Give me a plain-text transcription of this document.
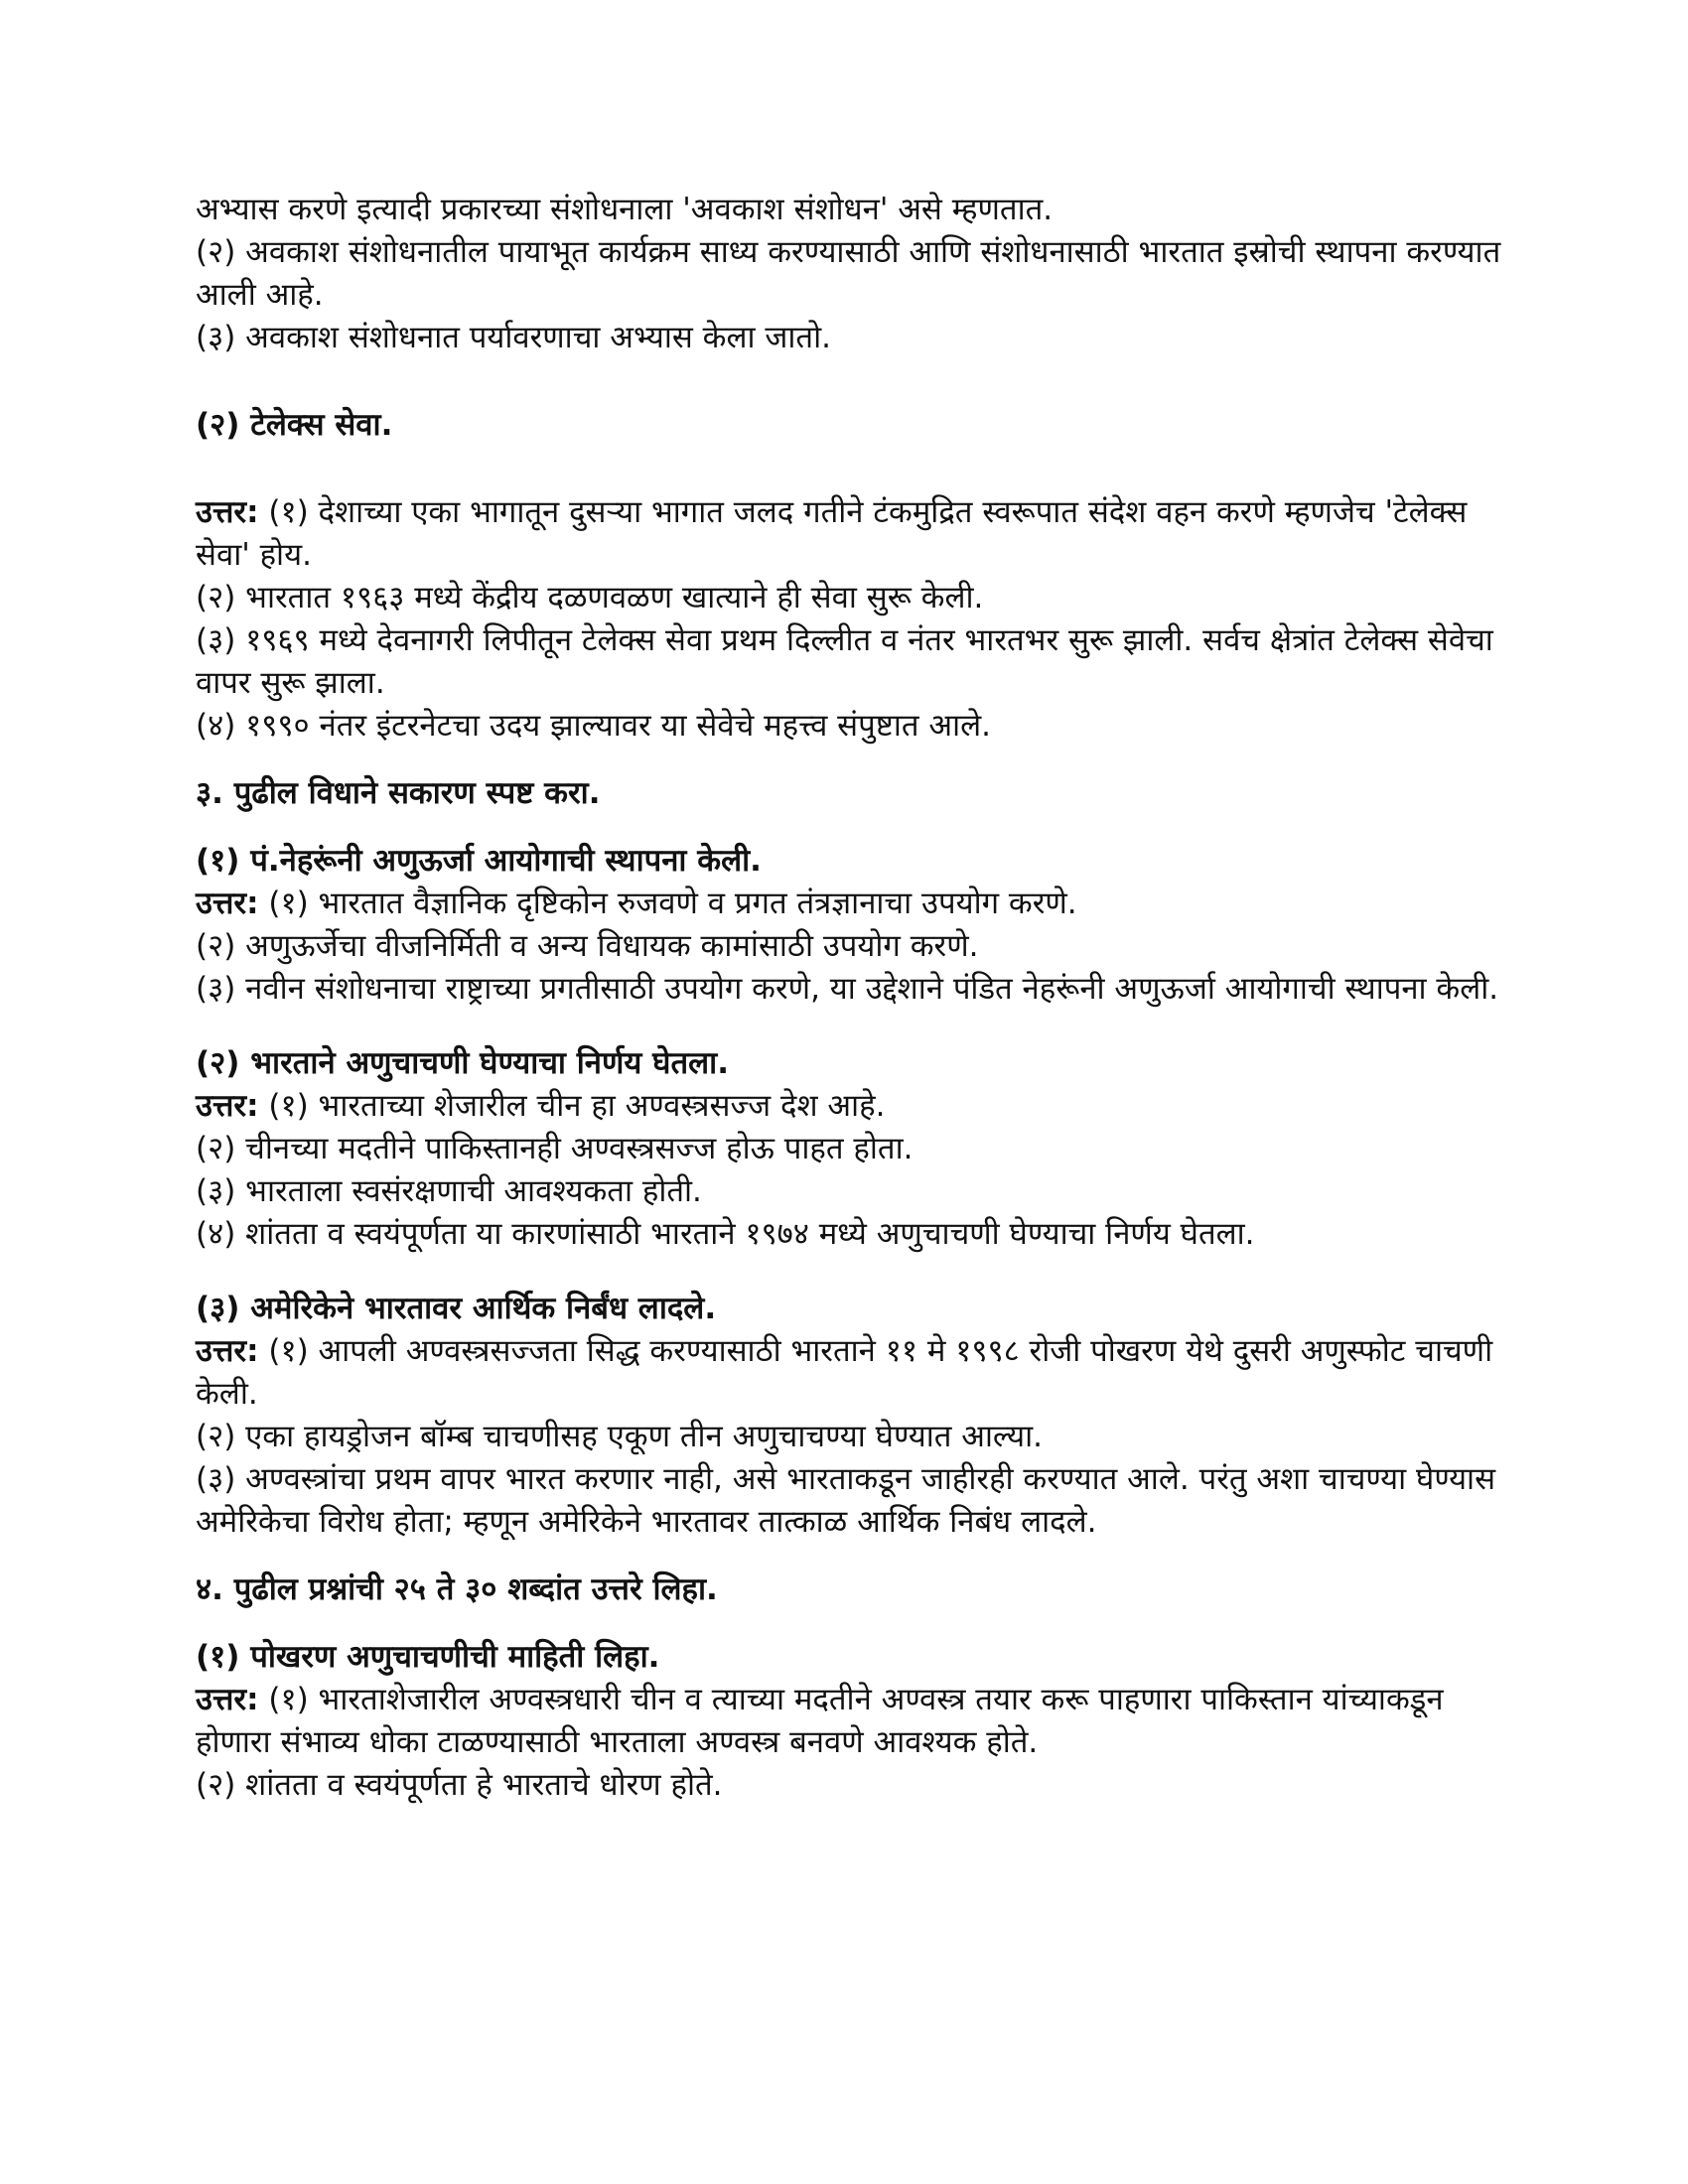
अभ्यास करणे इत्यादी प्रकारच्या संशोधनाला 'अवकाश संशोधन' असे म्हणतात.

(२) अवकाश संशोधनातील पायाभूत कार्यक्रम साध्य करण्यासाठी आणि संशोधनासाठी भारतात इस्रोची स्थापना करण्यात आली आहे.

(३) अवकाश संशोधनात पर्यावरणाचा अभ्यास केला जातो.

(२) टेलेक्स सेवा.

उत्तर: (१) देशाच्या एका भागातून दुसऱ्या भागात जलद गतीने टंकमुद्रित स्वरूपात संदेश वहन करणे म्हणजेच 'टेलेक्स सेवा' होय.

(२) भारतात १९६३ मध्ये केंद्रीय दळणवळण खात्याने ही सेवा सुरू केली.

(३) १९६९ मध्ये देवनागरी लिपीतून टेलेक्स सेवा प्रथम दिल्लीत व नंतर भारतभर सुरू झाली. सर्वच क्षेत्रांत टेलेक्स सेवेचा वापर सुरू झाला.

(४) १९९० नंतर इंटरनेटचा उदय झाल्यावर या सेवेचे महत्त्व संपुष्टात आले.

३. पुढील विधाने सकारण स्पष्ट करा.

(१) पं.नेहरूंनी अणुऊर्जा आयोगाची स्थापना केली.

उत्तर: (१) भारतात वैज्ञानिक दृष्टिकोन रुजवणे व प्रगत तंत्रज्ञानाचा उपयोग करणे.

(२) अणुऊर्जेचा वीजनिर्मिती व अन्य विधायक कामांसाठी उपयोग करणे.

(३) नवीन संशोधनाचा राष्ट्राच्या प्रगतीसाठी उपयोग करणे, या उद्देशाने पंडित नेहरूंनी अणुऊर्जा आयोगाची स्थापना केली.

(२) भारताने अणुचाचणी घेण्याचा निर्णय घेतला.

उत्तर: (१) भारताच्या शेजारील चीन हा अण्वस्त्रसज्ज देश आहे.

(२) चीनच्या मदतीने पाकिस्तानही अण्वस्त्रसज्ज होऊ पाहत होता.

(३) भारताला स्वसंरक्षणाची आवश्यकता होती.

(४) शांतता व स्वयंपूर्णता या कारणांसाठी भारताने १९७४ मध्ये अणुचाचणी घेण्याचा निर्णय घेतला.

(३) अमेरिकेने भारतावर आर्थिक निर्बंध लादले.

उत्तर: (१) आपली अण्वस्त्रसज्जता सिद्ध करण्यासाठी भारताने ११ मे १९९८ रोजी पोखरण येथे दुसरी अणुस्फोट चाचणी केली.

(२) एका हायड्रोजन बॉम्ब चाचणीसह एकूण तीन अणुचाचण्या घेण्यात आल्या.

(३) अण्वस्त्रांचा प्रथम वापर भारत करणार नाही, असे भारताकडून जाहीरही करण्यात आले. परंतु अशा चाचण्या घेण्यास अमेरिकेचा विरोध होता; म्हणून अमेरिकेने भारतावर तात्काळ आर्थिक निबंध लादले.

४. पुढील प्रश्नांची २५ ते ३० शब्दांत उत्तरे लिहा.

(१) पोखरण अणुचाचणीची माहिती लिहा.

उत्तर: (१) भारताशेजारील अण्वस्त्रधारी चीन व त्याच्या मदतीने अण्वस्त्र तयार करू पाहणारा पाकिस्तान यांच्याकडून होणारा संभाव्य धोका टाळण्यासाठी भारताला अण्वस्त्र बनवणे आवश्यक होते.

(२) शांतता व स्वयंपूर्णता हे भारताचे धोरण होते.
